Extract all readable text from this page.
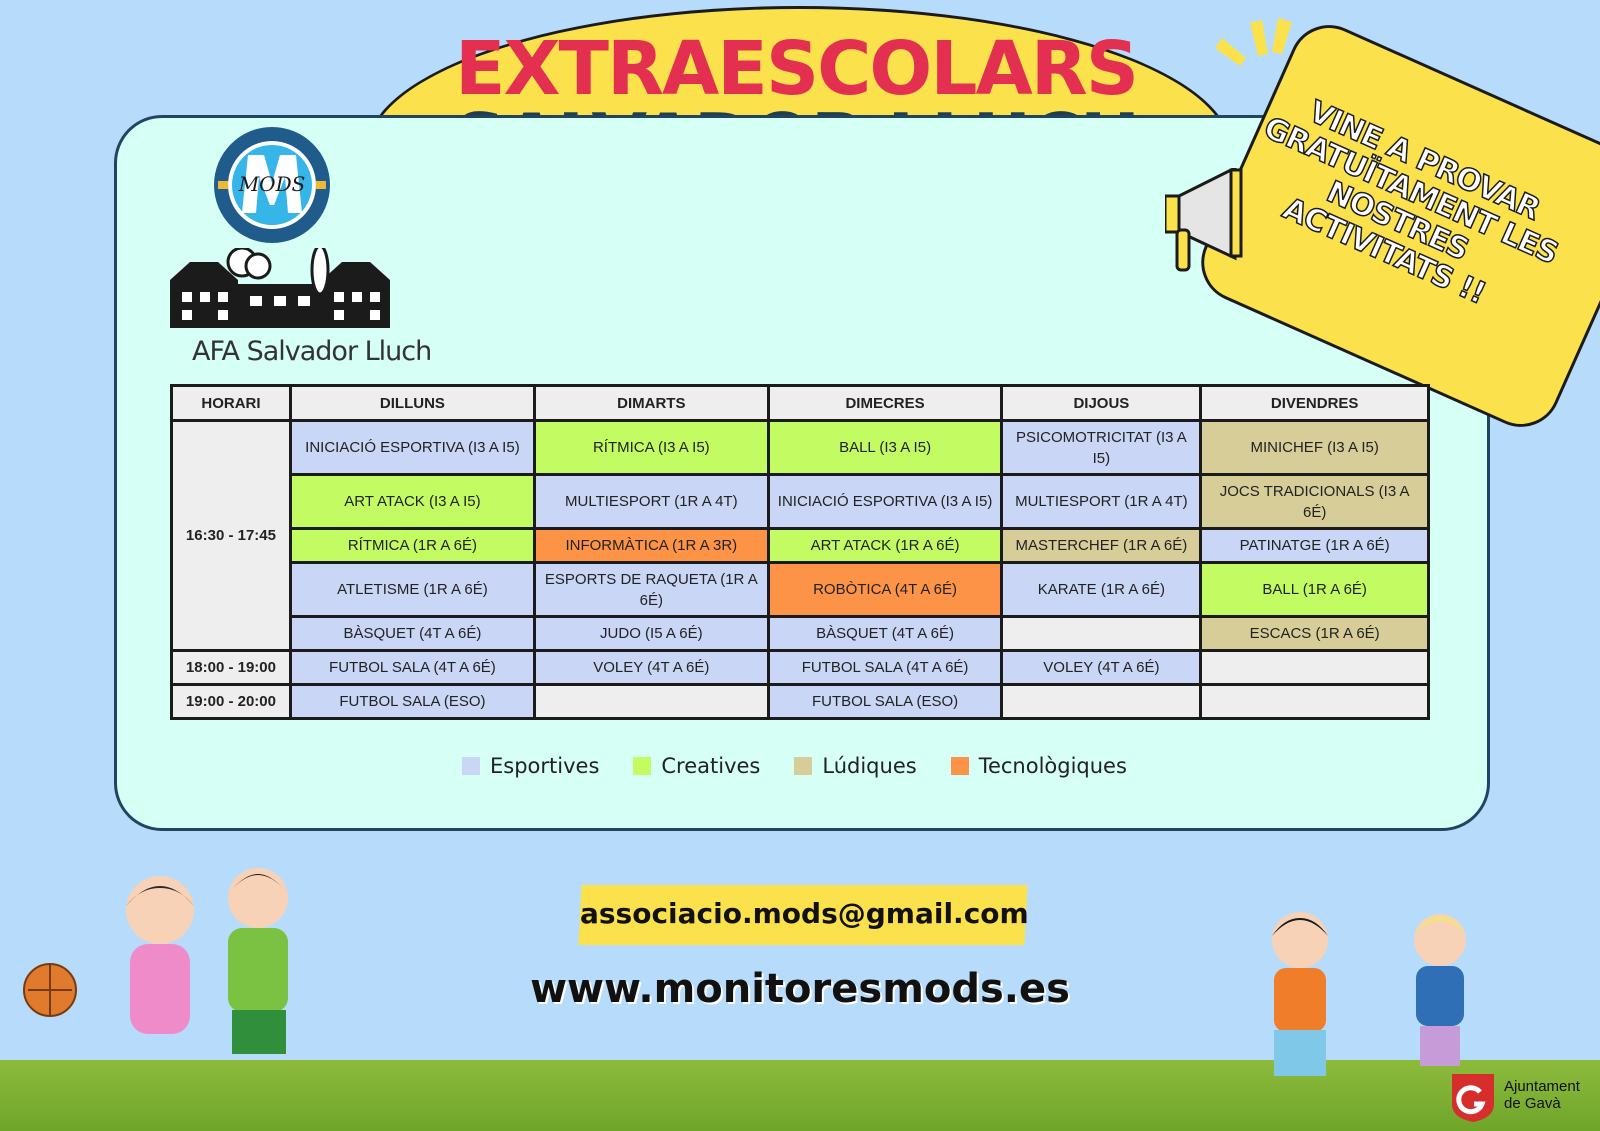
EXTRAESCOLARS
VINE A PROVAR GRATUÏTAMENT LES NOSTRES ACTIVITATS !!
MODS
AFA Salvador Lluch
HORARI	DILLUNS	DIMARTS	DIMECRES	DIJOUS	DIVENDRES
16:30 - 17:45	INICIACIÓ ESPORTIVA (I3 A I5)	RÍTMICA (I3 A I5)	BALL (I3 A I5)	PSICOMOTRICITAT (I3 A I5)	MINICHEF (I3 A I5)
	ART ATACK (I3 A I5)	MULTIESPORT (1R A 4T)	INICIACIÓ ESPORTIVA (I3 A I5)	MULTIESPORT (1R A 4T)	JOCS TRADICIONALS (I3 A 6É)
	RÍTMICA (1R A 6É)	INFORMÀTICA (1R A 3R)	ART ATACK (1R A 6É)	MASTERCHEF (1R A 6É)	PATINATGE (1R A 6É)
	ATLETISME (1R A 6É)	ESPORTS DE RAQUETA (1R A 6É)	ROBÒTICA (4T A 6É)	KARATE (1R A 6É)	BALL (1R A 6É)
	BÀSQUET (4T A 6É)	JUDO (I5 A 6É)	BÀSQUET (4T A 6É)		ESCACS (1R A 6É)
18:00 - 19:00	FUTBOL SALA (4T A 6É)	VOLEY (4T A 6É)	FUTBOL SALA (4T A 6É)	VOLEY (4T A 6É)	
19:00 - 20:00	FUTBOL SALA (ESO)		FUTBOL SALA (ESO)		
Esportives	Creatives	Lúdiques	Tecnològiques
associacio.mods@gmail.com
www.monitoresmods.es
Ajuntament de Gavà
